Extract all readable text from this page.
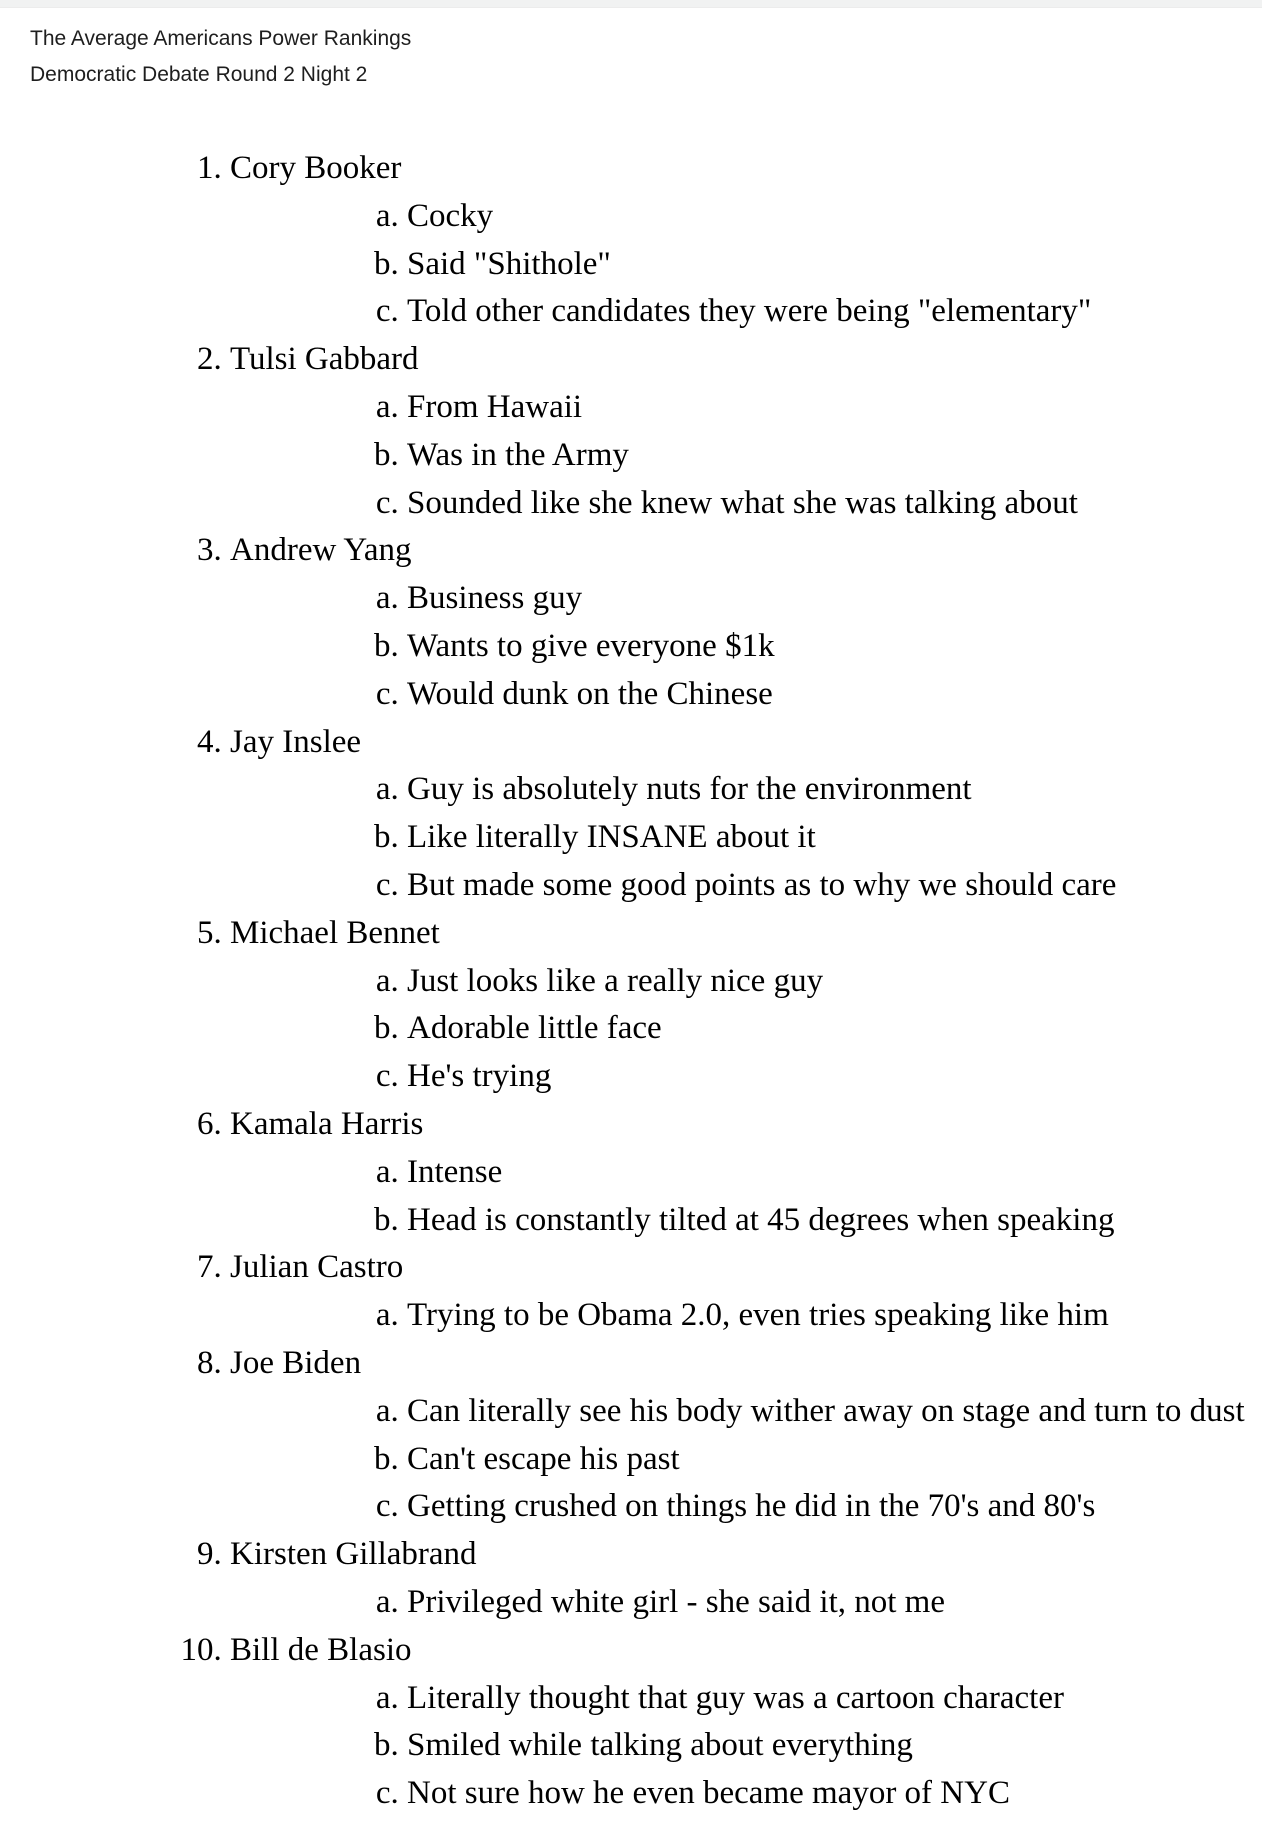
The Average Americans Power Rankings
Democratic Debate Round 2 Night 2
1. Cory Booker
a. Cocky
b. Said "Shithole"
c. Told other candidates they were being "elementary"
2. Tulsi Gabbard
a. From Hawaii
b. Was in the Army
c. Sounded like she knew what she was talking about
3. Andrew Yang
a. Business guy
b. Wants to give everyone $1k
c. Would dunk on the Chinese
4. Jay Inslee
a. Guy is absolutely nuts for the environment
b. Like literally INSANE about it
c. But made some good points as to why we should care
5. Michael Bennet
a. Just looks like a really nice guy
b. Adorable little face
c. He's trying
6. Kamala Harris
a. Intense
b. Head is constantly tilted at 45 degrees when speaking
7. Julian Castro
a. Trying to be Obama 2.0, even tries speaking like him
8. Joe Biden
a. Can literally see his body wither away on stage and turn to dust
b. Can't escape his past
c. Getting crushed on things he did in the 70's and 80's
9. Kirsten Gillabrand
a. Privileged white girl - she said it, not me
10. Bill de Blasio
a. Literally thought that guy was a cartoon character
b. Smiled while talking about everything
c. Not sure how he even became mayor of NYC
